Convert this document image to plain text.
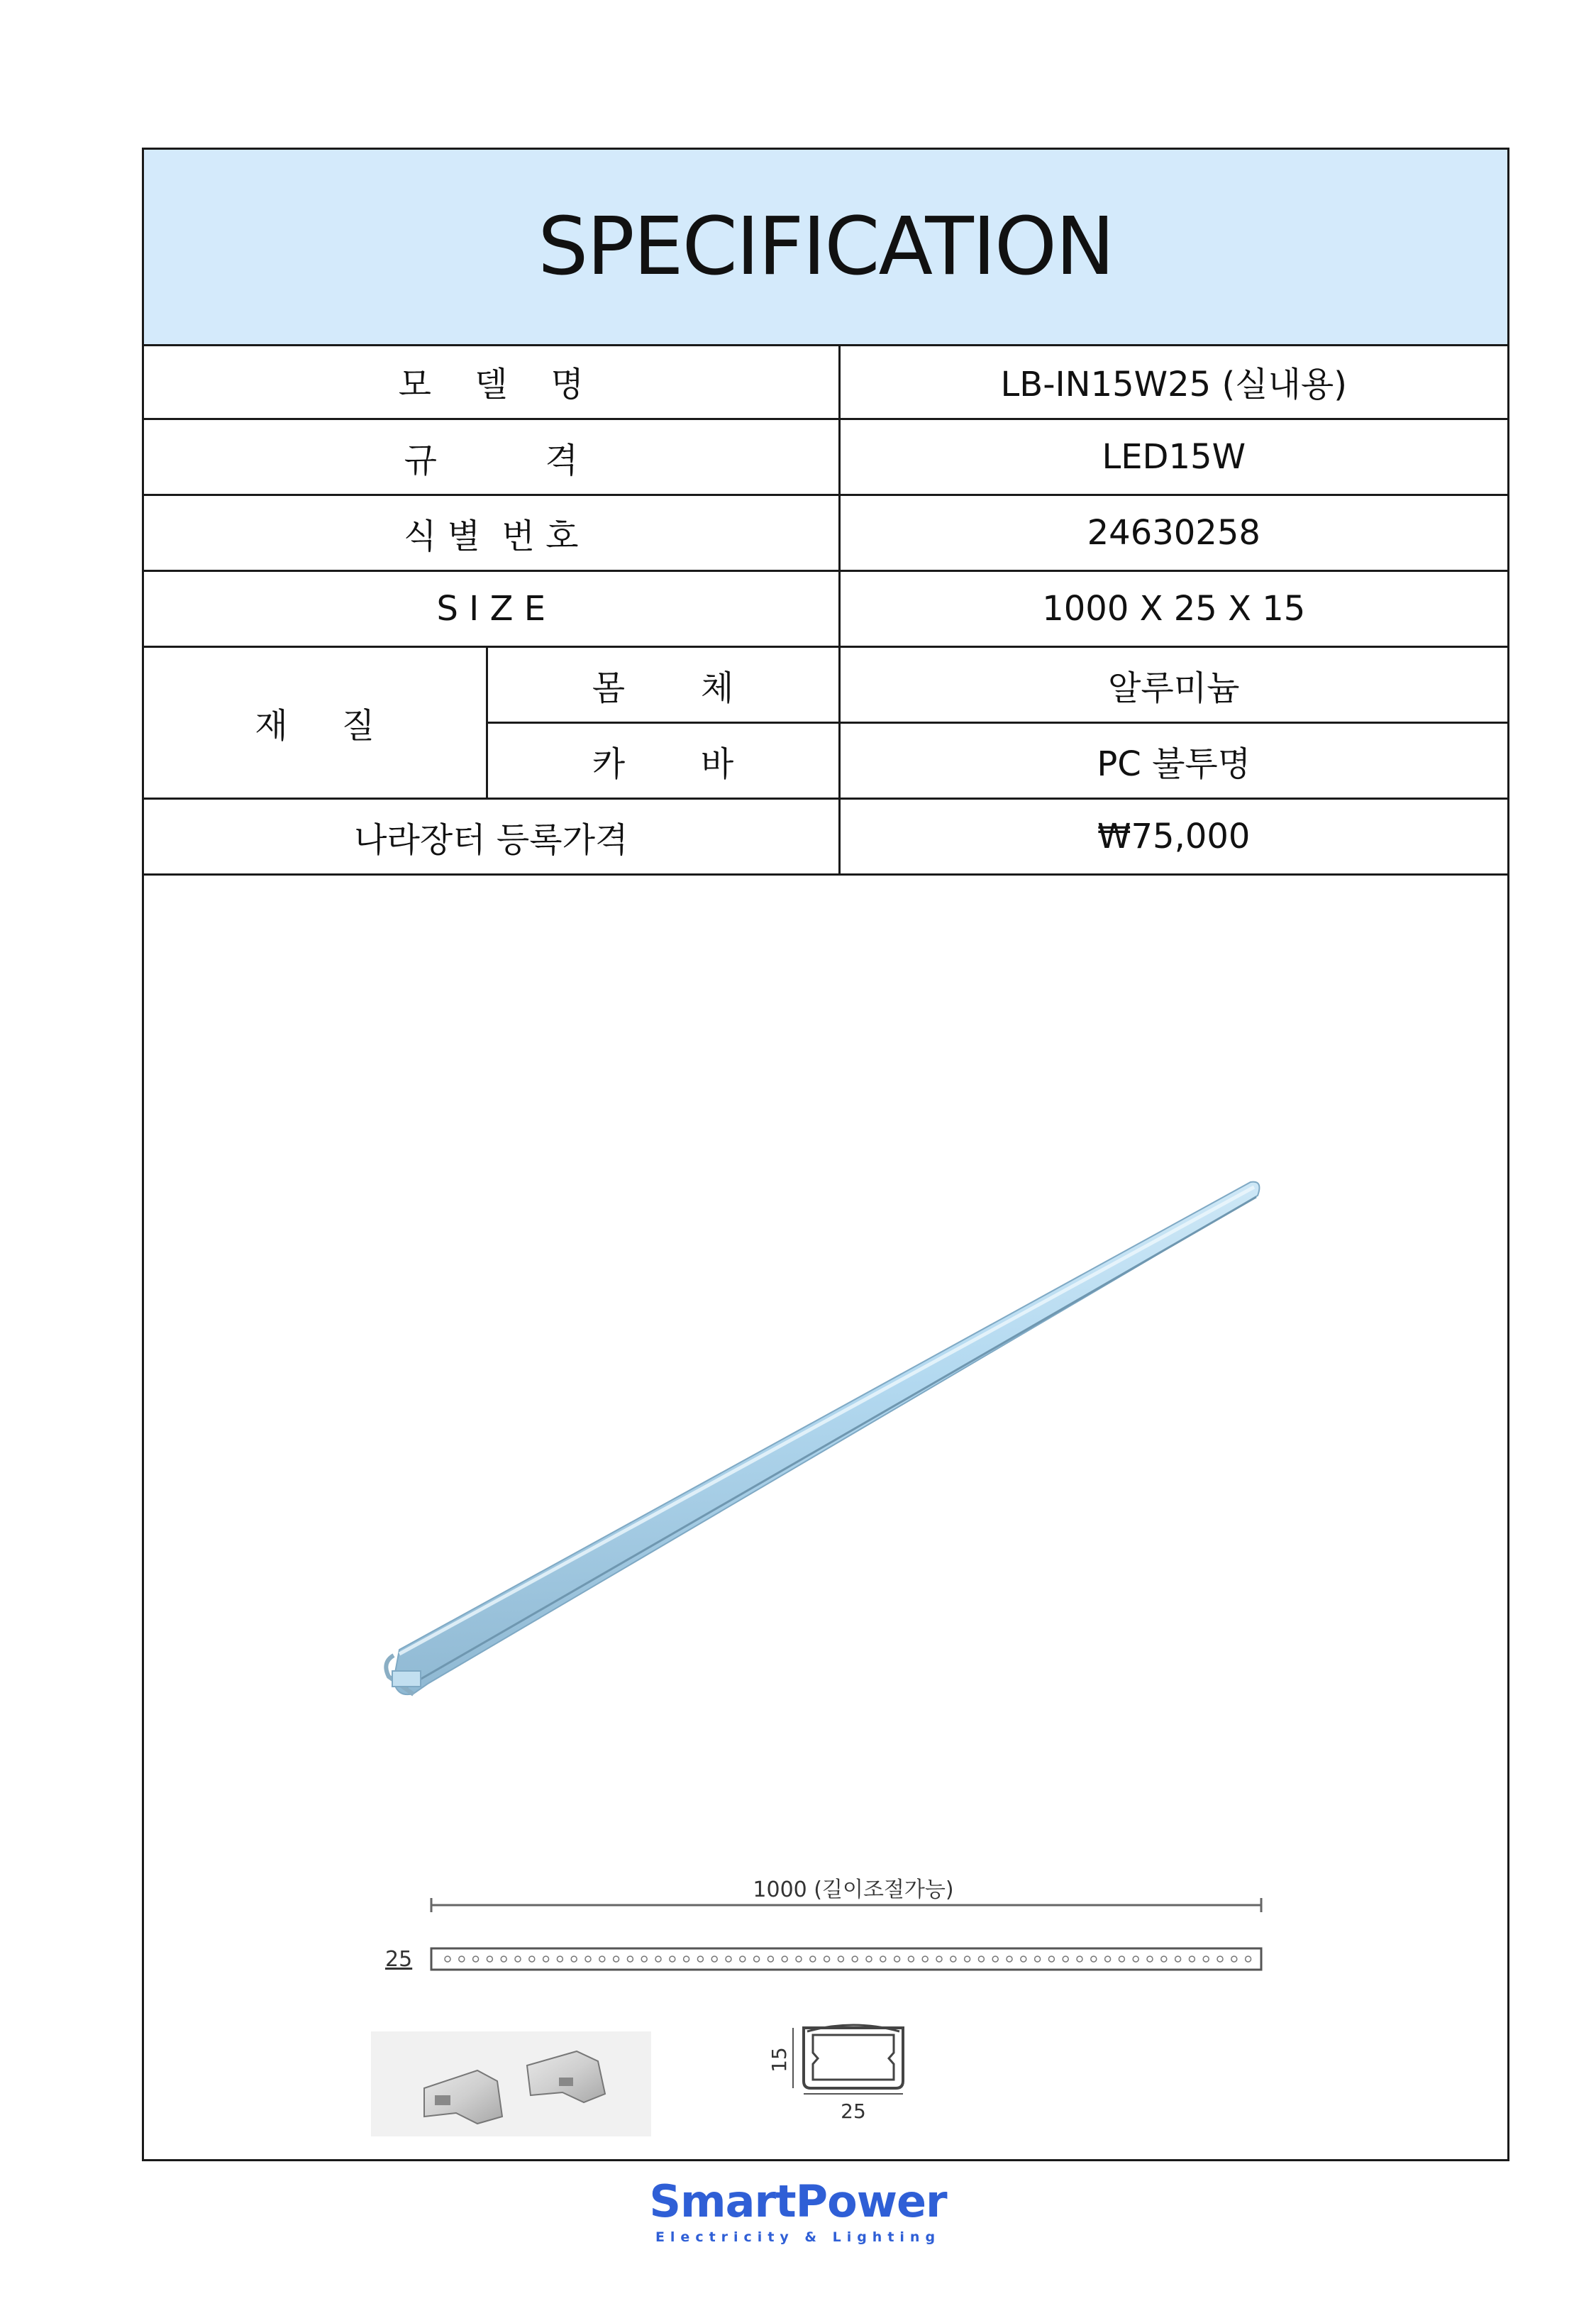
SPECIFICATION
모    델    명		LB-IN15W25 (실내용)
규          격		LED15W
식 별  번 호		24630258
S I Z E		1000 X 25 X 15
재     질	몸       체	알루미늄
	카       바	PC 불투명
나라장터 등록가격		₩75,000
1000 (길이조절가능)
25
15
25
SmartPower
Electricity & Lighting
